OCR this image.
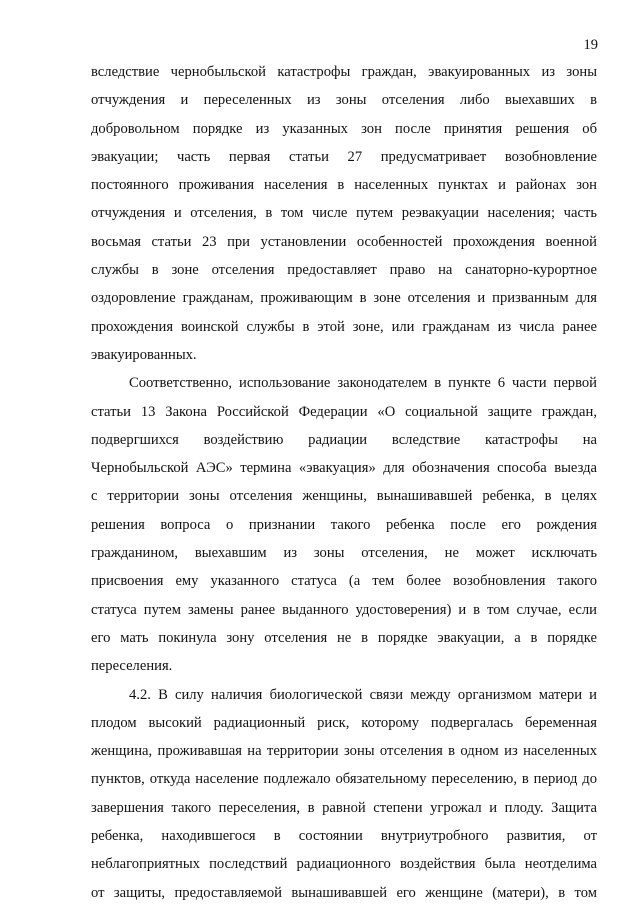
19

вследствие чернобыльской катастрофы граждан, эвакуированных из зоны
отчуждения и переселенных из зоны отселения либо выехавших в
добровольном порядке из указанных зон после принятия решения об
эвакуации; часть первая статьи 27 предусматривает возобновление
постоянного проживания населения в населенных пунктах и районах зон
отчуждения и отселения, в том числе путем реэвакуации населения; часть
восьмая статьи 23 при установлении особенностей прохождения военной
службы в зоне отселения предоставляет право на санаторно-курортное
оздоровление гражданам, проживающим в зоне отселения и призванным для
прохождения воинской службы в этой зоне, или гражданам из числа ранее
эвакуированных.

Соответственно, использование законодателем в пункте 6 части первой
статьи 13 Закона Российской Федерации «О социальной защите граждан,
подвергшихся воздействию радиации вследствие катастрофы на
Чернобыльской АЭС» термина «эвакуация» для обозначения способа выезда
с территории зоны отселения женщины, вынашивавшей ребенка, в целях
решения вопроса о признании такого ребенка после его рождения
гражданином, выехавшим из зоны отселения, не может исключать
присвоения ему указанного статуса (а тем более возобновления такого
статуса путем замены ранее выданного удостоверения) и в том случае, если
его мать покинула зону отселения не в порядке эвакуации, а в порядке
переселения.

4.2. В силу наличия биологической связи между организмом матери и
плодом высокий радиационный риск, которому подвергалась беременная
женщина, проживавшая на территории зоны отселения в одном из населенных
пунктов, откуда население подлежало обязательному переселению, в период до
завершения такого переселения, в равной степени угрожал и плоду. Защита
ребенка, находившегося в состоянии внутриутробного развития, от
неблагоприятных последствий радиационного воздействия была неотделима
от защиты, предоставляемой вынашивавшей его женщине (матери), в том
